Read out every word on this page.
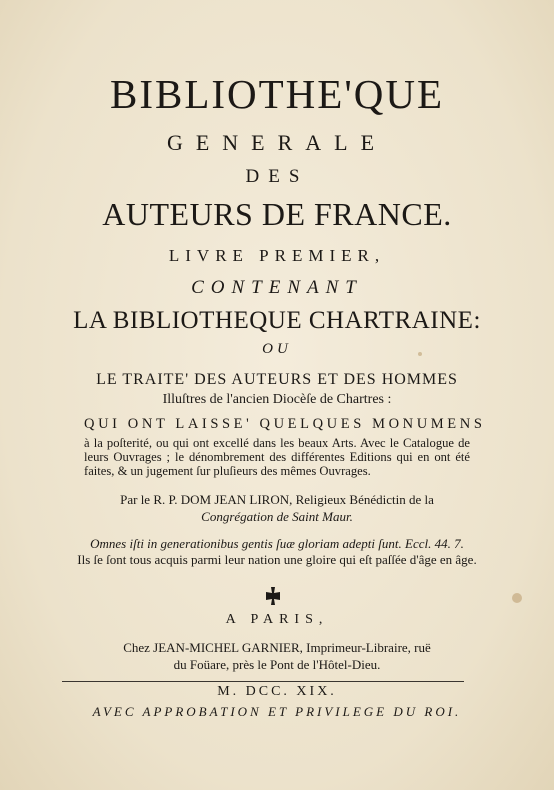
BIBLIOTHE'QUE
GENERALE
DES
AUTEURS DE FRANCE.
LIVRE PREMIER,
CONTENANT
LA BIBLIOTHEQUE CHARTRAINE:
OU
LE TRAITE' DES AUTEURS ET DES HOMMES
Illuſtres de l'ancien Diocèſe de Chartres :
QUI ONT LAISSE' QUELQUES MONUMENS
à la poſterité, ou qui ont excellé dans les beaux Arts. Avec le Catalogue de leurs Ouvrages ; le dénombrement des différentes Editions qui en ont été faites, & un jugement ſur pluſieurs des mêmes Ouvrages.
Par le R. P. DOM JEAN LIRON, Religieux Bénédictin de la
Congrégation de Saint Maur.
Omnes iſti in generationibus gentis ſuæ gloriam adepti ſunt. Eccl. 44. 7.
Ils ſe ſont tous acquis parmi leur nation une gloire qui eſt paſſée d'âge en âge.
A PARIS,
Chez JEAN-MICHEL GARNIER, Imprimeur-Libraire, ruë
du Foüare, près le Pont de l'Hôtel-Dieu.
M. DCC. XIX.
AVEC APPROBATION ET PRIVILEGE DU ROI.
